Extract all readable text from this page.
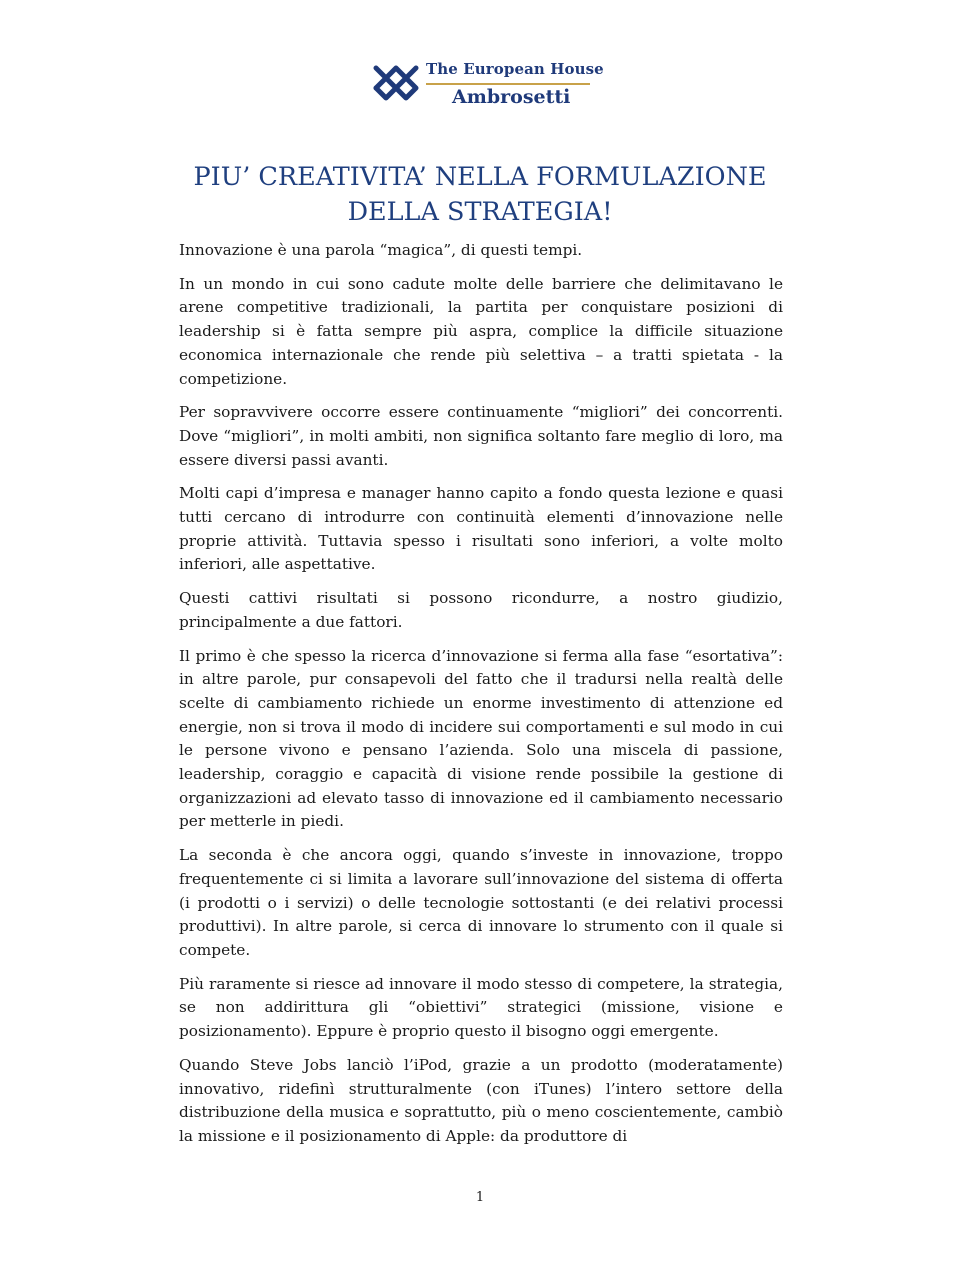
The European House
Ambrosetti
PIU’ CREATIVITA’ NELLA FORMULAZIONE
DELLA STRATEGIA!

Innovazione è una parola “magica”, di questi tempi.

In un mondo in cui sono cadute molte delle barriere che delimitavano le arene competitive tradizionali, la partita per conquistare posizioni di leadership si è fatta sempre più aspra, complice la difficile situazione economica internazionale che rende più selettiva – a tratti spietata - la competizione.

Per sopravvivere occorre essere continuamente “migliori” dei concorrenti. Dove “migliori”, in molti ambiti, non significa soltanto fare meglio di loro, ma essere diversi passi avanti.

Molti capi d’impresa e manager hanno capito a fondo questa lezione e quasi tutti cercano di introdurre con continuità elementi d’innovazione nelle proprie attività. Tuttavia spesso i risultati sono inferiori, a volte molto inferiori, alle aspettative.

Questi cattivi risultati si possono ricondurre, a nostro giudizio, principalmente a due fattori.

Il primo è che spesso la ricerca d’innovazione si ferma alla fase “esortativa”: in altre parole, pur consapevoli del fatto che il tradursi nella realtà delle scelte di cambiamento richiede un enorme investimento di attenzione ed energie, non si trova il modo di incidere sui comportamenti e sul modo in cui le persone vivono e pensano l’azienda. Solo una miscela di passione, leadership, coraggio e capacità di visione rende possibile la gestione di organizzazioni ad elevato tasso di innovazione ed il cambiamento necessario per metterle in piedi.

La seconda è che ancora oggi, quando s’investe in innovazione, troppo frequentemente ci si limita a lavorare sull’innovazione del sistema di offerta (i prodotti o i servizi) o delle tecnologie sottostanti (e dei relativi processi produttivi). In altre parole, si cerca di innovare lo strumento con il quale si compete.

Più raramente si riesce ad innovare il modo stesso di competere, la strategia, se non addirittura gli “obiettivi” strategici (missione, visione e posizionamento). Eppure è proprio questo il bisogno oggi emergente.

Quando Steve Jobs lanciò l’iPod, grazie a un prodotto (moderatamente) innovativo, ridefinì strutturalmente (con iTunes) l’intero settore della distribuzione della musica e soprattutto, più o meno coscientemente, cambiò la missione e il posizionamento di Apple: da produttore di

1
